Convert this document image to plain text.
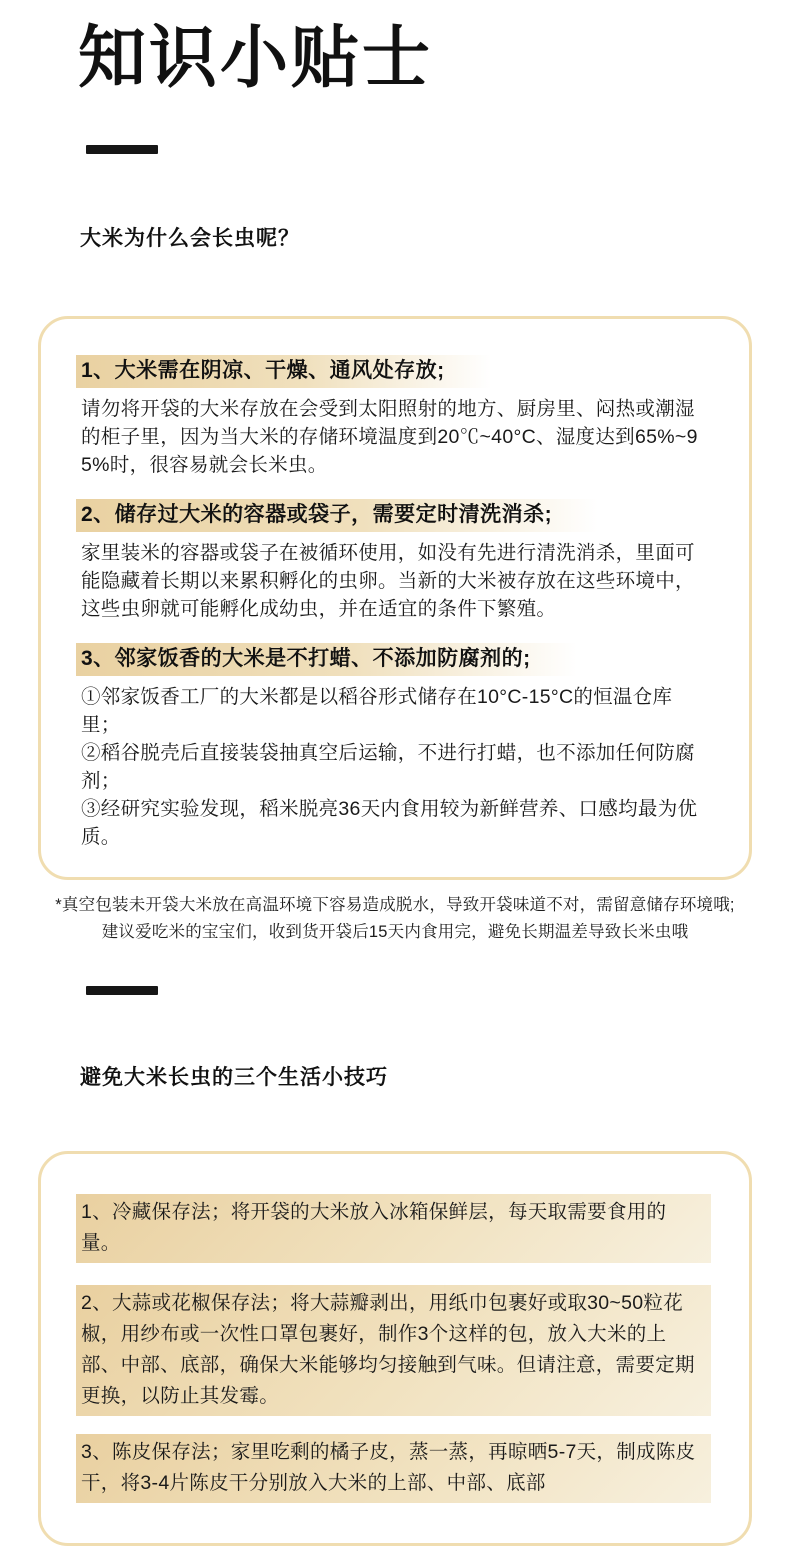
知识小贴士
大米为什么会长虫呢？
1、大米需在阴凉、干燥、通风处存放;

请勿将开袋的大米存放在会受到太阳照射的地方、厨房里、闷热或潮湿的柜子里，因为当大米的存储环境温度到20℃~40°C、湿度达到65%~95%时，很容易就会长米虫。

2、储存过大米的容器或袋子，需要定时清洗消杀;

家里装米的容器或袋子在被循环使用，如没有先进行清洗消杀，里面可能隐藏着长期以来累积孵化的虫卵。当新的大米被存放在这些环境中，这些虫卵就可能孵化成幼虫，并在适宜的条件下繁殖。

3、邻家饭香的大米是不打蜡、不添加防腐剂的;

①邻家饭香工厂的大米都是以稻谷形式储存在10°C-15°C的恒温仓库里；
②稻谷脱壳后直接装袋抽真空后运输，不进行打蜡，也不添加任何防腐剂；
③经研究实验发现，稻米脱亮36天内食用较为新鲜营养、口感均最为优质。

*真空包装未开袋大米放在高温环境下容易造成脱水，导致开袋味道不对，需留意储存环境哦;
建议爱吃米的宝宝们，收到货开袋后15天内食用完，避免长期温差导致长米虫哦
避免大米长虫的三个生活小技巧
1、冷藏保存法；将开袋的大米放入冰箱保鲜层，每天取需要食用的量。
2、大蒜或花椒保存法；将大蒜瓣剥出，用纸巾包裹好或取30~50粒花椒，用纱布或一次性口罩包裹好，制作3个这样的包，放入大米的上部、中部、底部，确保大米能够均匀接触到气味。但请注意，需要定期更换，以防止其发霉。
3、陈皮保存法；家里吃剩的橘子皮，蒸一蒸，再晾晒5-7天，制成陈皮干，将3-4片陈皮干分别放入大米的上部、中部、底部
